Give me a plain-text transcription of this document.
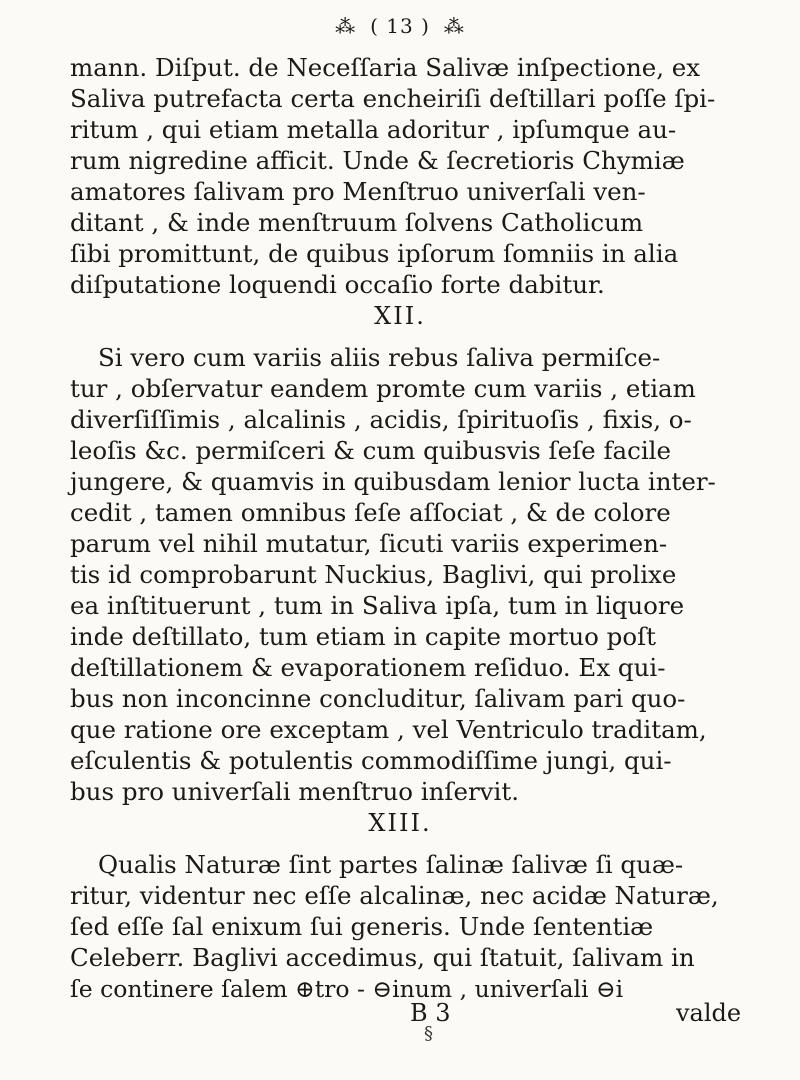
⁂ ( 13 ) ⁂
mann. Diſput. de Neceſſaria Salivæ inſpectione, ex
Saliva putrefacta certa encheiriſi deſtillari poſſe ſpi-
ritum , qui etiam metalla adoritur , ipſumque au-
rum nigredine afficit. Unde & ſecretioris Chymiæ
amatores ſalivam pro Menſtruo univerſali ven-
ditant , & inde menſtruum ſolvens Catholicum
ſibi promittunt, de quibus ipſorum ſomniis in alia
diſputatione loquendi occaſio forte dabitur.
XII.
Si vero cum variis aliis rebus ſaliva permiſce-
tur , obſervatur eandem promte cum variis , etiam
diverſiſſimis , alcalinis , acidis, ſpirituoſis , fixis, o-
leoſis &c. permiſceri & cum quibusvis ſeſe facile
jungere, & quamvis in quibusdam lenior lucta inter-
cedit , tamen omnibus ſeſe aſſociat , & de colore
parum vel nihil mutatur, ſicuti variis experimen-
tis id comprobarunt Nuckius, Baglivi, qui prolixe
ea inſtituerunt , tum in Saliva ipſa, tum in liquore
inde deſtillato, tum etiam in capite mortuo poſt
deſtillationem & evaporationem reſiduo. Ex qui-
bus non inconcinne concluditur, ſalivam pari quo-
que ratione ore exceptam , vel Ventriculo traditam,
eſculentis & potulentis commodiſſime jungi, qui-
bus pro univerſali menſtruo inſervit.
XIII.
Qualis Naturæ ſint partes ſalinæ ſalivæ ſi quæ-
ritur, videntur nec eſſe alcalinæ, nec acidæ Naturæ,
ſed eſſe ſal enixum ſui generis. Unde ſententiæ
Celeberr. Baglivi accedimus, qui ſtatuit, ſalivam in
ſe continere ſalem ⊕tro - ⊖inum , univerſali ⊖i
B 3	valde
§
